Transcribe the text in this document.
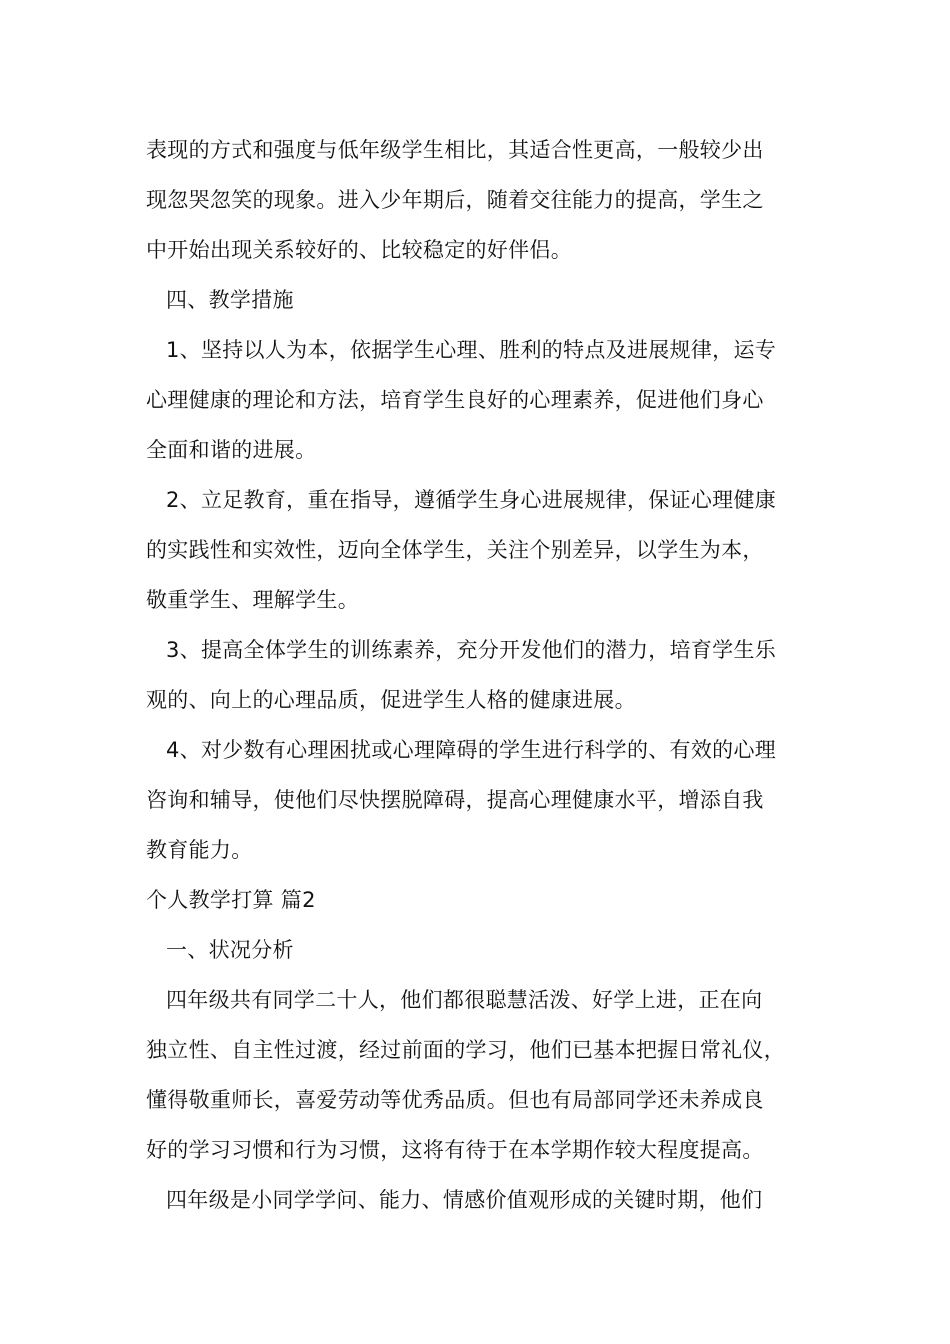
表现的方式和强度与低年级学生相比，其适合性更高，一般较少出
现忽哭忽笑的现象。进入少年期后，随着交往能力的提高，学生之
中开始出现关系较好的、比较稳定的好伴侣。
四、教学措施
1、坚持以人为本，依据学生心理、胜利的特点及进展规律，运专
心理健康的理论和方法，培育学生良好的心理素养，促进他们身心
全面和谐的进展。
2、立足教育，重在指导，遵循学生身心进展规律，保证心理健康
的实践性和实效性，迈向全体学生，关注个别差异，以学生为本，
敬重学生、理解学生。
3、提高全体学生的训练素养，充分开发他们的潜力，培育学生乐
观的、向上的心理品质，促进学生人格的健康进展。
4、对少数有心理困扰或心理障碍的学生进行科学的、有效的心理
咨询和辅导，使他们尽快摆脱障碍，提高心理健康水平，增添自我
教育能力。
个人教学打算 篇2
一、状况分析
四年级共有同学二十人，他们都很聪慧活泼、好学上进，正在向
独立性、自主性过渡，经过前面的学习，他们已基本把握日常礼仪，
懂得敬重师长，喜爱劳动等优秀品质。但也有局部同学还未养成良
好的学习习惯和行为习惯，这将有待于在本学期作较大程度提高。
四年级是小同学学问、能力、情感价值观形成的关键时期，他们
